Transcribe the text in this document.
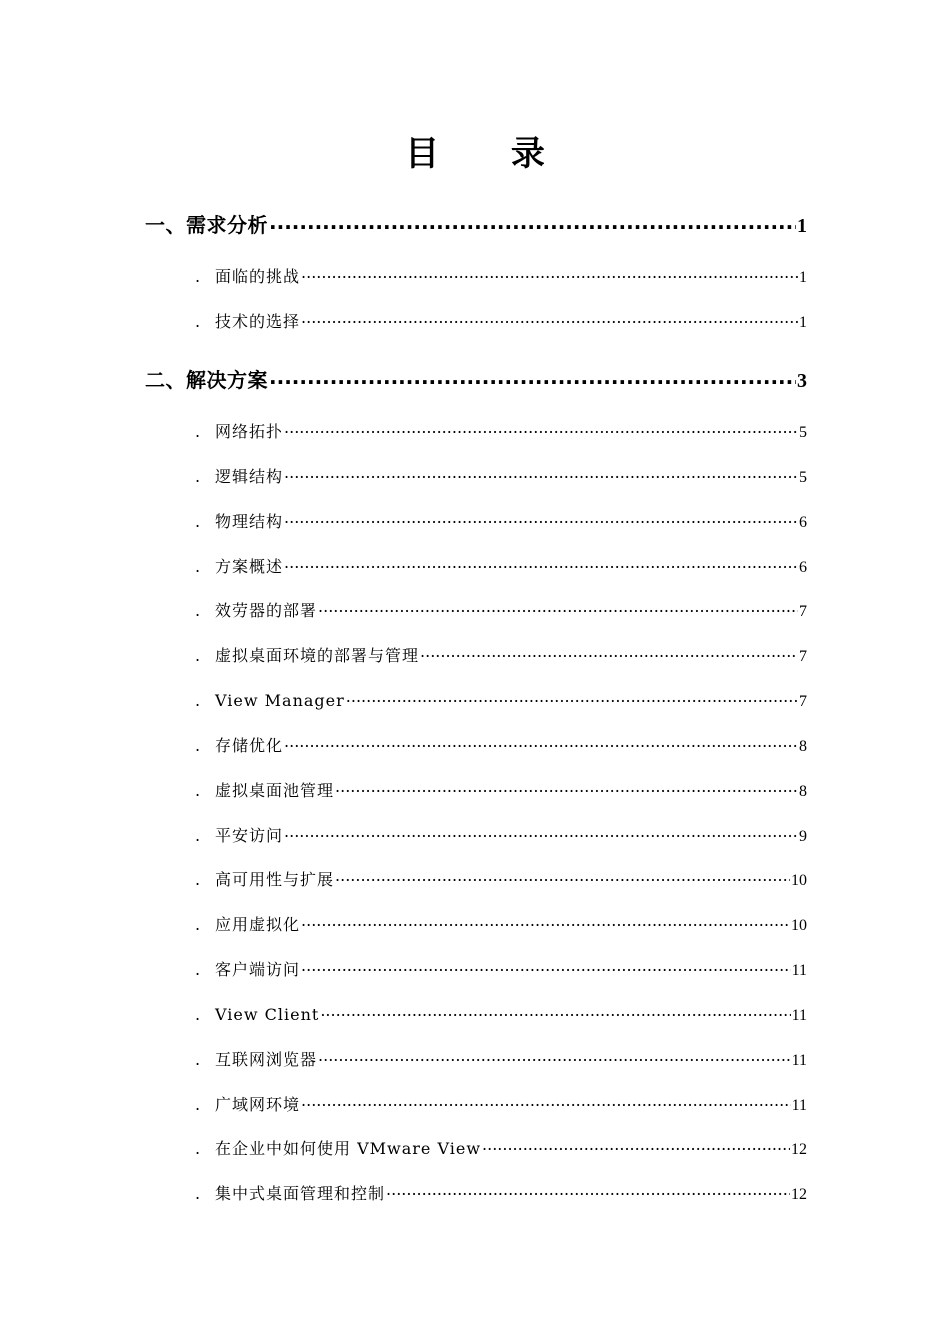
目 录
一、需求分析 .....	1
. 面临的挑战 .....	1
. 技术的选择 .....	1
二、解决方案 .....	3
. 网络拓扑 .....	5
. 逻辑结构 .....	5
. 物理结构 .....	6
. 方案概述 .....	6
. 效劳器的部署 .....	7
. 虚拟桌面环境的部署与管理 .....	7
. View Manager .....	7
. 存储优化 .....	8
. 虚拟桌面池管理 .....	8
. 平安访问 .....	9
. 高可用性与扩展 .....	10
. 应用虚拟化 .....	10
. 客户端访问 .....	11
. View Client .....	11
. 互联网浏览器 .....	11
. 广域网环境 .....	11
. 在企业中如何使用 VMware View .....	12
. 集中式桌面管理和控制 .....	12
